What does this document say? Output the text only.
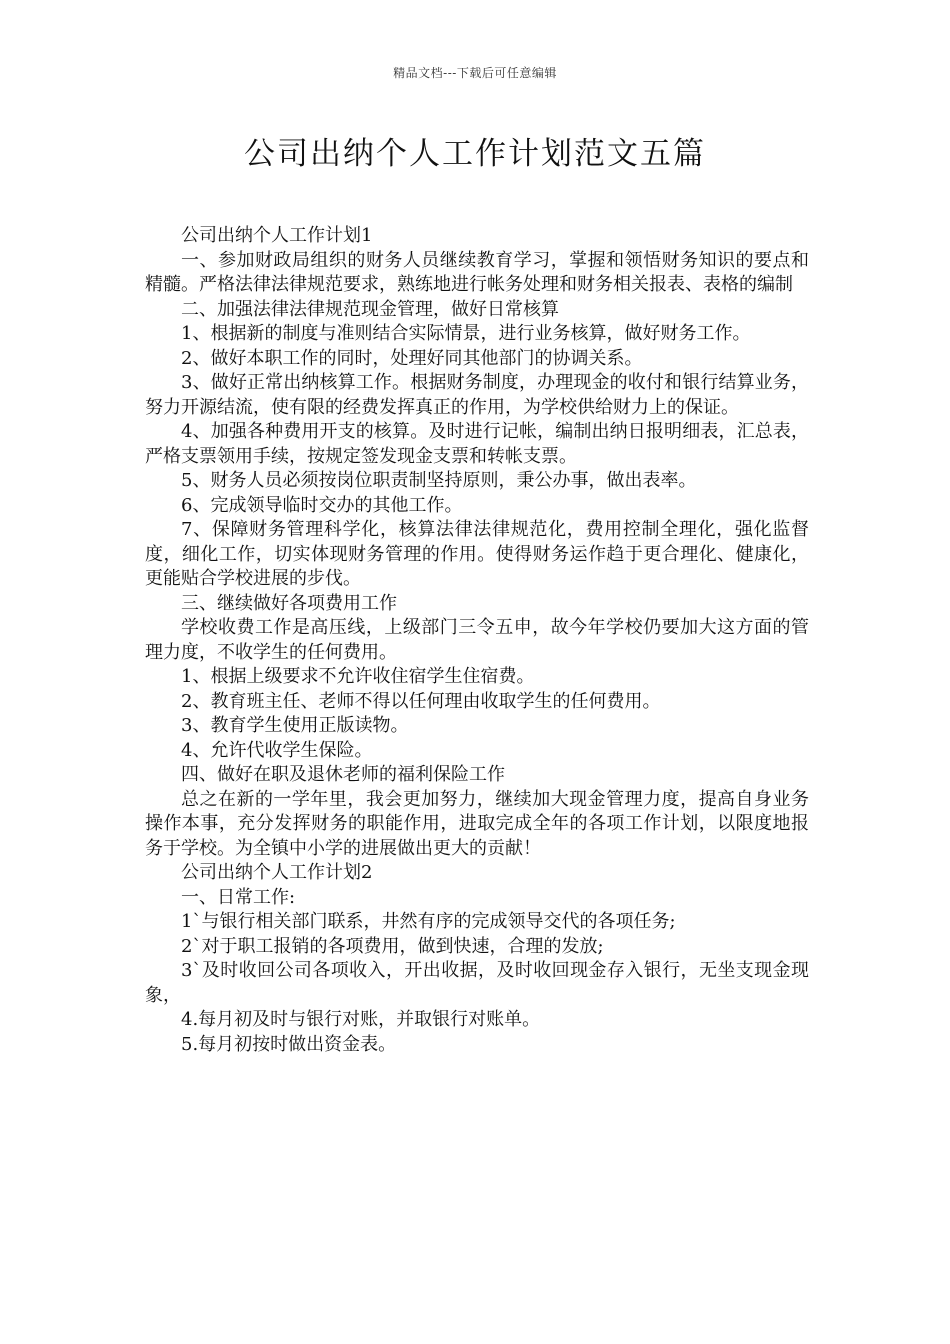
精品文档---下载后可任意编辑
公司出纳个人工作计划范文五篇

公司出纳个人工作计划1

一、参加财政局组织的财务人员继续教育学习，掌握和领悟财务知识的要点和精髓。严格法律法律规范要求，熟练地进行帐务处理和财务相关报表、表格的编制

二、加强法律法律规范现金管理，做好日常核算

1、根据新的制度与准则结合实际情景，进行业务核算，做好财务工作。

2、做好本职工作的同时，处理好同其他部门的协调关系。

3、做好正常出纳核算工作。根据财务制度，办理现金的收付和银行结算业务，努力开源结流，使有限的经费发挥真正的作用，为学校供给财力上的保证。

4、加强各种费用开支的核算。及时进行记帐，编制出纳日报明细表，汇总表，严格支票领用手续，按规定签发现金支票和转帐支票。

5、财务人员必须按岗位职责制坚持原则，秉公办事，做出表率。

6、完成领导临时交办的其他工作。

7、保障财务管理科学化，核算法律法律规范化，费用控制全理化，强化监督度，细化工作，切实体现财务管理的作用。使得财务运作趋于更合理化、健康化，更能贴合学校进展的步伐。

三、继续做好各项费用工作

学校收费工作是高压线，上级部门三令五申，故今年学校仍要加大这方面的管理力度，不收学生的任何费用。

1、根据上级要求不允许收住宿学生住宿费。

2、教育班主任、老师不得以任何理由收取学生的任何费用。

3、教育学生使用正版读物。

4、允许代收学生保险。

四、做好在职及退休老师的福利保险工作

总之在新的一学年里，我会更加努力，继续加大现金管理力度，提高自身业务操作本事，充分发挥财务的职能作用，进取完成全年的各项工作计划，以限度地报务于学校。为全镇中小学的进展做出更大的贡献！

公司出纳个人工作计划2

一、日常工作:

1`与银行相关部门联系，井然有序的完成领导交代的各项任务;

2`对于职工报销的各项费用，做到快速，合理的发放;

3`及时收回公司各项收入，开出收据，及时收回现金存入银行，无坐支现金现象，

4.每月初及时与银行对账，并取银行对账单。

5.每月初按时做出资金表。
